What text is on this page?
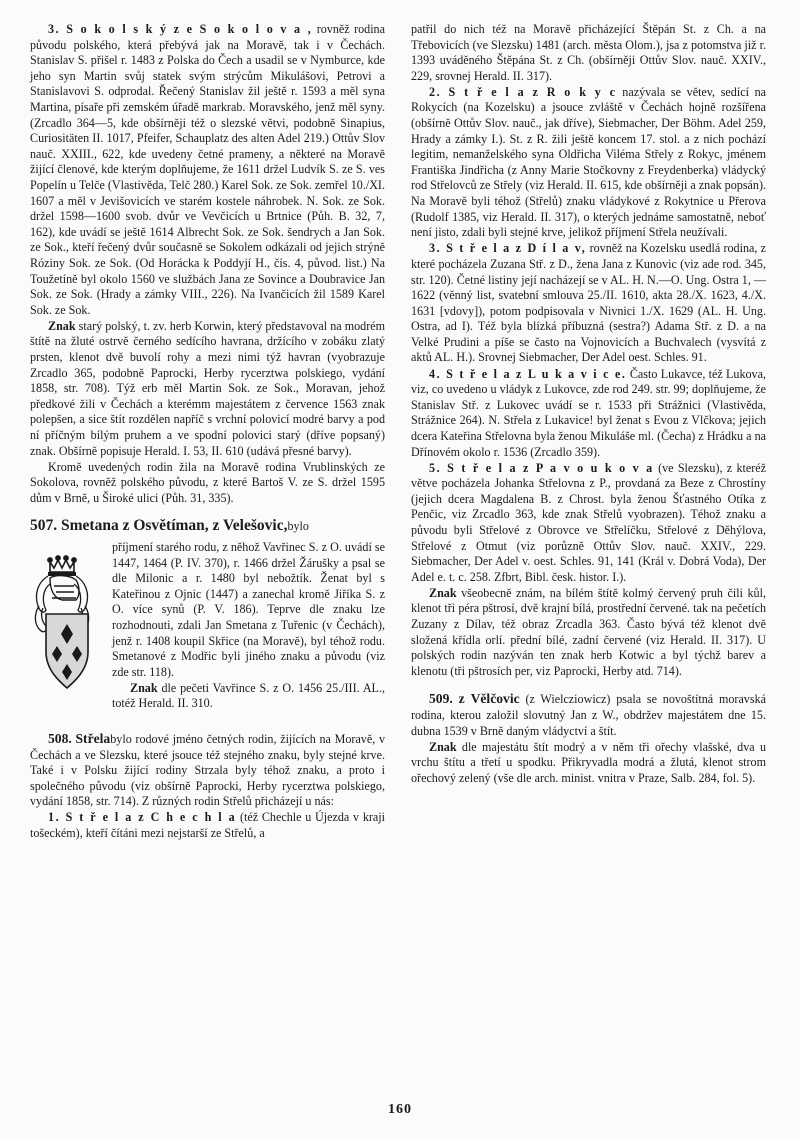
3. S o k o l s k ý z e S o k o l o v a , rovněž rodina původu polského, která přebývá jak na Moravě, tak i v Čechách. Stanislav S. přišel r. 1483 z Polska do Čech a usadil se v Nymburce, kde jeho syn Martin svůj statek svým strýcům Mikulášovi, Petrovi a Stanislavovi S. odprodal. Řečený Stanislav žil ještě r. 1593 a měl syna Martina, písaře při zemském úřadě markrab. Moravského, jenž měl syny. (Zrcadlo 364—5, kde obšírněji též o slezské větvi, podobně Sinapius, Curiositäten II. 1017, Pfeifer, Schauplatz des alten Adel 219.) Ottův Slov nauč. XXIII., 622, kde uvedeny četné prameny, a některé na Moravě žijící členové, kde kterým doplňujeme, že 1611 držel Ludvík S. ze S. ves Popelín u Telče (Vlastivěda, Telč 280.) Karel Sok. ze Sok. zemřel 10./XI. 1607 a měl v Jevišovicích ve starém kostele náhrobek. N. Sok. ze Sok. držel 1598—1600 svob. dvůr ve Vevčicích u Brtnice (Půh. B. 32, 7, 162), kde uvádí se ještě 1614 Albrecht Sok. ze Sok. šendrych a Jan Sok. ze Sok., kteří řečený dvůr současně se Sokolem odkázali od jejich strýně Róziny Sok. ze Sok. (Od Horácka k Poddyjí H., čís. 4, původ. list.) Na Toužetíně byl okolo 1560 ve službách Jana ze Sovince a Doubravice Jan Sok. ze Sok. (Hrady a zámky VIII., 226). Na Ivančicích žil 1589 Karel Sok. ze Sok.

Znak starý polský, t. zv. herb Korwin, který představoval na modrém štítě na žluté ostrvě černého sedícího havrana, držícího v zobáku zlatý prsten, klenot dvě buvolí rohy a mezi nimi týž havran (vyobrazuje Zrcadlo 365, podobně Paprocki, Herby rycerztwa polskiego, vydání 1858, str. 708). Týž erb měl Martin Sok. ze Sok., Moravan, jehož předkové žili v Čechách a kterémm majestátem z července 1563 znak polepšen, a sice štít rozdělen napříč s vrchní polovicí modré barvy a pod ní příčným bílým pruhem a ve spodní polovici starý (dříve popsaný) znak. Obšírně popisuje Herald. I. 53, II. 610 (udává přesné barvy).

Kromě uvedených rodin žila na Moravě rodina Vrublinských ze Sokolova, rovněž polského původu, z které Bartoš V. ze S. držel 1595 dům v Brně, u Široké ulici (Půh. 31, 335).

507. Smetana z Osvětíman, z Velešovic,bylo

příjmení starého rodu, z něhož Vavřinec S. z O. uvádí se 1447, 1464 (P. IV. 370), r. 1466 držel Žárušky a psal se dle Milonic a r. 1480 byl nebožtík. Ženat byl s Kateřinou z Ojnic (1447) a zanechal kromě Jiříka S. z O. více synů (P. V. 186). Teprve dle znaku lze rozhodnouti, zdali Jan Smetana z Tuřenic (v Čechách), jenž r. 1408 koupil Skřice (na Moravě), byl téhož rodu. Smetanové z Modřic byli jiného znaku a původu (viz zde str. 118).

Znak dle pečeti Vavřince S. z O. 1456 25./III. AL., totéž Herald. II. 310.

508. Střelabylo rodové jméno četných rodin, žijících na Moravě, v Čechách a ve Slezsku, které jsouce též stejného znaku, byly stejné krve. Také i v Polsku žijící rodiny Strzala byly téhož znaku, a proto i společného původu (viz obšírně Paprocki, Herby rycerztwa polskiego, vydání 1858, str. 714). Z různých rodin Střelů přicházejí u nás:

1. S t ř e l a z C h e c h l a (též Chechle u Újezda v kraji tošeckém), kteří čítáni mezi nejstarší ze Střelů, a

patřil do nich též na Moravě přicházející Štěpán St. z Ch. a na Třebovicích (ve Slezsku) 1481 (arch. města Olom.), jsa z potomstva již r. 1393 uváděného Štěpána St. z Ch. (obšírněji Ottův Slov. nauč. XXIV., 229, srovnej Herald. II. 317).

2. S t ř e l a z R o k y c nazývala se větev, sedící na Rokycích (na Kozelsku) a jsouce zvláště v Čechách hojně rozšířena (obšírně Ottův Slov. nauč., jak dříve), Siebmacher, Der Böhm. Adel 259, Hrady a zámky I.). St. z R. žili ještě koncem 17. stol. a z nich pochází legitim, nemanželského syna Oldřicha Viléma Střely z Rokyc, jménem Františka Jindřicha (z Anny Marie Stočkovny z Freydenberka) vládycký rod Střelovců ze Střely (viz Herald. II. 615, kde obšírněji a znak popsán). Na Moravě byli téhož (Střelů) znaku vládykové z Rokytnice u Přerova (Rudolf 1385, viz Herald. II. 317), o kterých jednáme samostatně, neboť není jisto, zdali byli stejné krve, jelikož příjmení Střela neužívali.

3. S t ř e l a z D í l a v, rovněž na Kozelsku usedlá rodina, z které pocházela Zuzana Stř. z D., žena Jana z Kunovic (viz ade rod. 345, str. 120). Četné listiny její nacházejí se v AL. H. N.—O. Ung. Ostra 1, — 1622 (věnný list, svatební smlouva 25./II. 1610, akta 28./X. 1623, 4./X. 1631 [vdovy]), potom podpisovala v Nivnici 1./X. 1629 (AL. H. Ung. Ostra, ad I). Též byla blízká příbuzná (sestra?) Adama Stř. z D. a na Velké Prudini a píše se často na Vojnovicích a Buchvalech (vysvítá z aktů AL. H.). Srovnej Siebmacher, Der Adel oest. Schles. 91.

4. S t ř e l a z L u k a v i c e. Často Lukavce, též Lukova, viz, co uvedeno u vládyk z Lukovce, zde rod 249. str. 99; doplňujeme, že Stanislav Stř. z Lukovec uvádí se r. 1533 při Strážnici (Vlastivěda, Strážnice 264). N. Střela z Lukavice! byl ženat s Evou z Vlčkova; jejich dcera Kateřina Střelovna byla ženou Mikuláše ml. (Čecha) z Hrádku a na Dřínovém okolo r. 1536 (Zrcadlo 359).

5. S t ř e l a z P a v o u k o v a (ve Slezsku), z kteréž větve pocházela Johanka Střelovna z P., provdaná za Beze z Chrostíny (jejich dcera Magdalena B. z Chrost. byla ženou Šťastného Otíka z Penčic, viz Zrcadlo 363, kde znak Střelů vyobrazen). Téhož znaku a původu byli Střelové z Obrovce ve Střelíčku, Střelové z Děhýlova, Střelové z Otmut (viz porůzně Ottův Slov. nauč. XXIV., 229. Siebmacher, Der Adel v. oest. Schles. 91, 141 (Král v. Dobrá Voda), Der Adel e. t. c. 258. Zfbrt, Bibl. česk. histor. I.).

Znak všeobecně znám, na bílém štítě kolmý červený pruh čili kůl, klenot tři péra pštrosí, dvě krajní bílá, prostřední červené. tak na pečetích Zuzany z Dílav, též obraz Zrcadla 363. Často bývá též klenot dvě složená křídla orlí. přední bílé, zadní červené (viz Herald. II. 317). U polských rodin nazýván ten znak herb Kotwic a byl týchž barev a klenotu (tři pštrosích per, viz Paprocki, Herby atd. 714).

509. z Vělčovic (z Wielcziowicz) psala se novoštítná moravská rodina, kterou založil slovutný Jan z W., obdržev majestátem dne 15. dubna 1539 v Brně daným vládyctví a štít.

Znak dle majestátu štít modrý a v něm tři ořechy vlašské, dva u vrchu štítu a třetí u spodku. Přikryvadla modrá a žlutá, klenot strom ořechový zelený (vše dle arch. minist. vnitra v Praze, Salb. 284, fol. 5).

160
